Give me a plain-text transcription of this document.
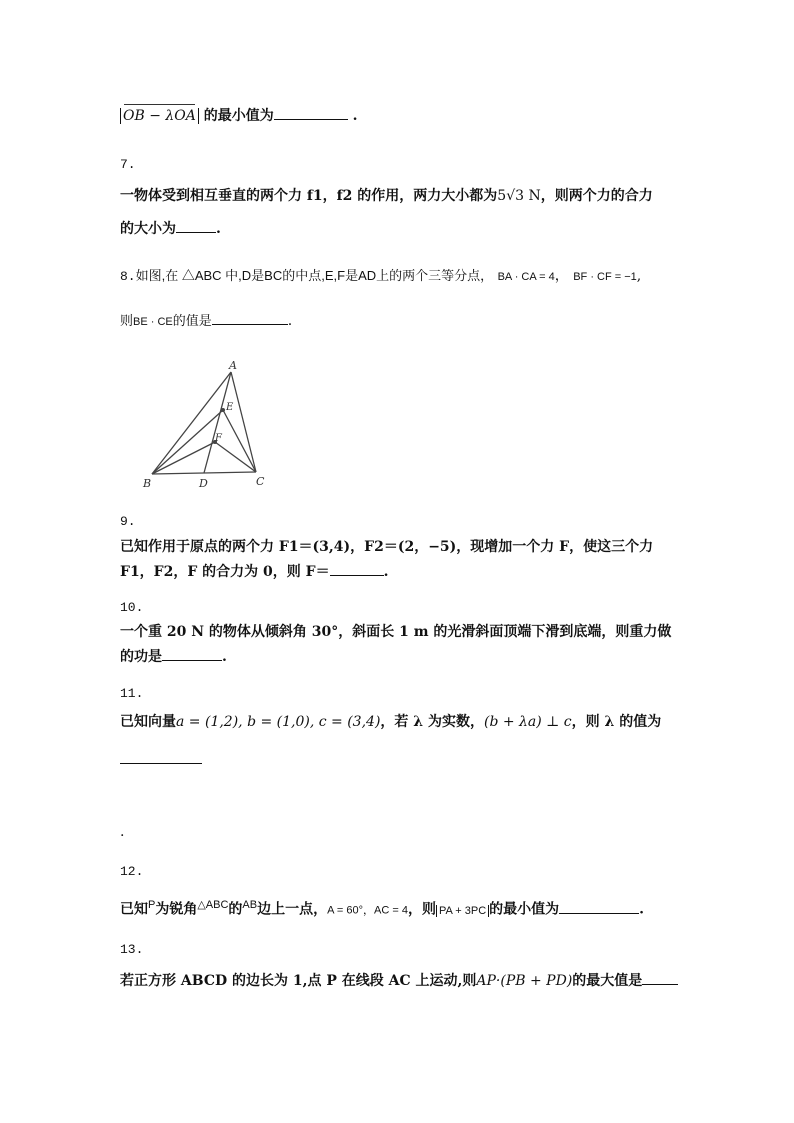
OB − λOA 的最小值为	.
7.
一物体受到相互垂直的两个力 f1，f2 的作用，两力大小都为5√3 N，则两个力的合力
的大小为	.
8.如图,在 △ABC 中,D是BC的中点,E,F是AD上的两个三等分点， BA · CA = 4， BF · CF = −1,
则BE · CE的值是	.
A
B	C
D
E
F
9.
已知作用于原点的两个力 F1＝(3,4)，F2＝(2，−5)，现增加一个力 F，使这三个力
F1，F2，F 的合力为 0，则 F＝	.
10.
一个重 20 N 的物体从倾斜角 30°，斜面长 1 m 的光滑斜面顶端下滑到底端，则重力做
的功是	.
11.
已知向量a = (1,2), b = (1,0), c = (3,4)，若 λ 为实数，(b + λa) ⊥ c，则 λ 的值为
.
12.
已知$^P$为锐角$^{\triangle ABC}$的$^{AB}$边上一点，A = 60°，AC = 4，则 PA + 3PC 的最小值为	.
13.
若正方形 ABCD 的边长为 1,点 P 在线段 AC 上运动,则AP·(PB + PD)的最大值是
